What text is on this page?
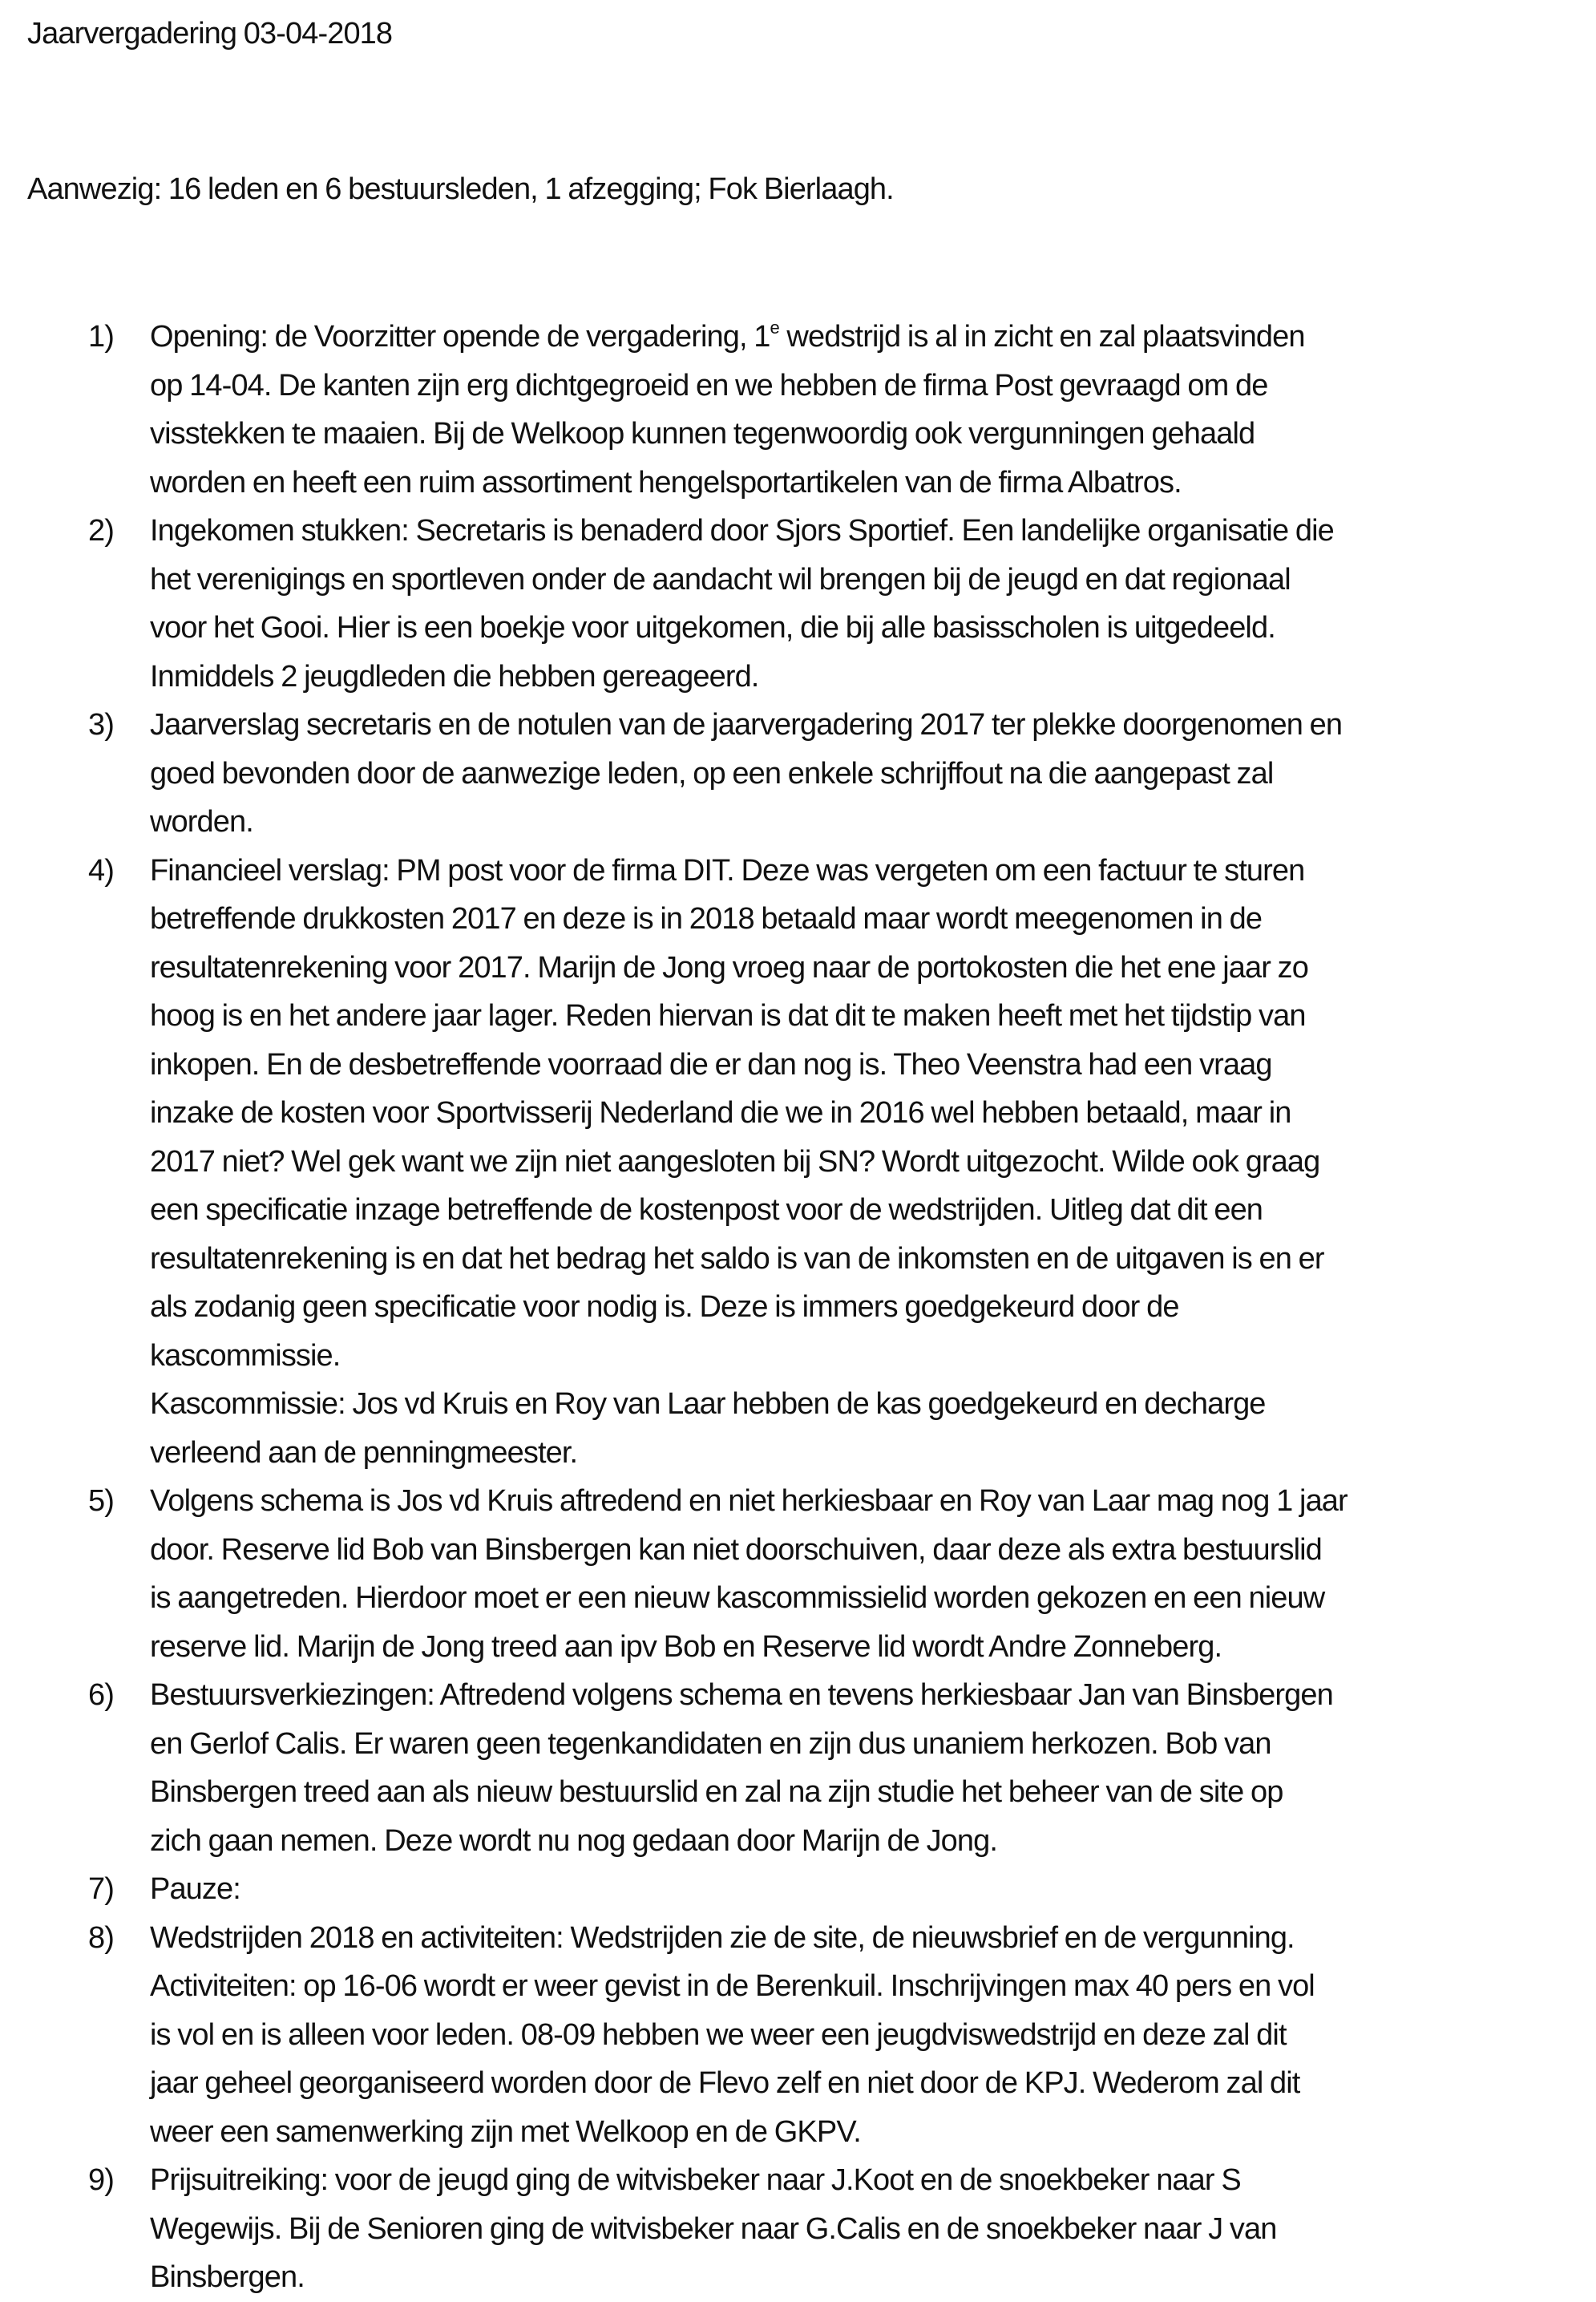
Jaarvergadering 03-04-2018
Aanwezig: 16 leden en 6 bestuursleden, 1 afzegging; Fok Bierlaagh.
1) Opening: de Voorzitter opende de vergadering, 1e wedstrijd is al in zicht en zal plaatsvinden
op 14-04. De kanten zijn erg dichtgegroeid en we hebben de firma Post gevraagd om de
visstekken te maaien. Bij de Welkoop kunnen tegenwoordig ook vergunningen gehaald
worden en heeft een ruim assortiment hengelsportartikelen van de firma Albatros.
2) Ingekomen stukken: Secretaris is benaderd door Sjors Sportief. Een landelijke organisatie die
het verenigings en sportleven onder de aandacht wil brengen bij de jeugd en dat regionaal
voor het Gooi. Hier is een boekje voor uitgekomen, die bij alle basisscholen is uitgedeeld.
Inmiddels 2 jeugdleden die hebben gereageerd.
3) Jaarverslag secretaris en de notulen van de jaarvergadering 2017 ter plekke doorgenomen en
goed bevonden door de aanwezige leden, op een enkele schrijffout na die aangepast zal
worden.
4) Financieel verslag: PM post voor de firma DIT. Deze was vergeten om een factuur te sturen
betreffende drukkosten 2017 en deze is in 2018 betaald maar wordt meegenomen in de
resultatenrekening voor 2017. Marijn de Jong vroeg naar de portokosten die het ene jaar zo
hoog is en het andere jaar lager. Reden hiervan is dat dit te maken heeft met het tijdstip van
inkopen. En de desbetreffende voorraad die er dan nog is. Theo Veenstra had een vraag
inzake de kosten voor Sportvisserij Nederland die we in 2016 wel hebben betaald, maar in
2017 niet? Wel gek want we zijn niet aangesloten bij SN? Wordt uitgezocht. Wilde ook graag
een specificatie inzage betreffende de kostenpost voor de wedstrijden. Uitleg dat dit een
resultatenrekening is en dat het bedrag het saldo is van de inkomsten en de uitgaven is en er
als zodanig geen specificatie voor nodig is. Deze is immers goedgekeurd door de
kascommissie.
Kascommissie: Jos vd Kruis en Roy van Laar hebben de kas goedgekeurd en decharge
verleend aan de penningmeester.
5) Volgens schema is Jos vd Kruis aftredend en niet herkiesbaar en Roy van Laar mag nog 1 jaar
door. Reserve lid Bob van Binsbergen kan niet doorschuiven, daar deze als extra bestuurslid
is aangetreden. Hierdoor moet er een nieuw kascommissielid worden gekozen en een nieuw
reserve lid. Marijn de Jong treed aan ipv Bob en Reserve lid wordt Andre Zonneberg.
6) Bestuursverkiezingen: Aftredend volgens schema en tevens herkiesbaar Jan van Binsbergen
en Gerlof Calis. Er waren geen tegenkandidaten en zijn dus unaniem herkozen. Bob van
Binsbergen treed aan als nieuw bestuurslid en zal na zijn studie het beheer van de site op
zich gaan nemen. Deze wordt nu nog gedaan door Marijn de Jong.
7) Pauze:
8) Wedstrijden 2018 en activiteiten: Wedstrijden zie de site, de nieuwsbrief en de vergunning.
Activiteiten: op 16-06 wordt er weer gevist in de Berenkuil. Inschrijvingen max 40 pers en vol
is vol en is alleen voor leden. 08-09 hebben we weer een jeugdviswedstrijd en deze zal dit
jaar geheel georganiseerd worden door de Flevo zelf en niet door de KPJ. Wederom zal dit
weer een samenwerking zijn met Welkoop en de GKPV.
9) Prijsuitreiking: voor de jeugd ging de witvisbeker naar J.Koot en de snoekbeker naar S
Wegewijs. Bij de Senioren ging de witvisbeker naar G.Calis en de snoekbeker naar J van
Binsbergen.
